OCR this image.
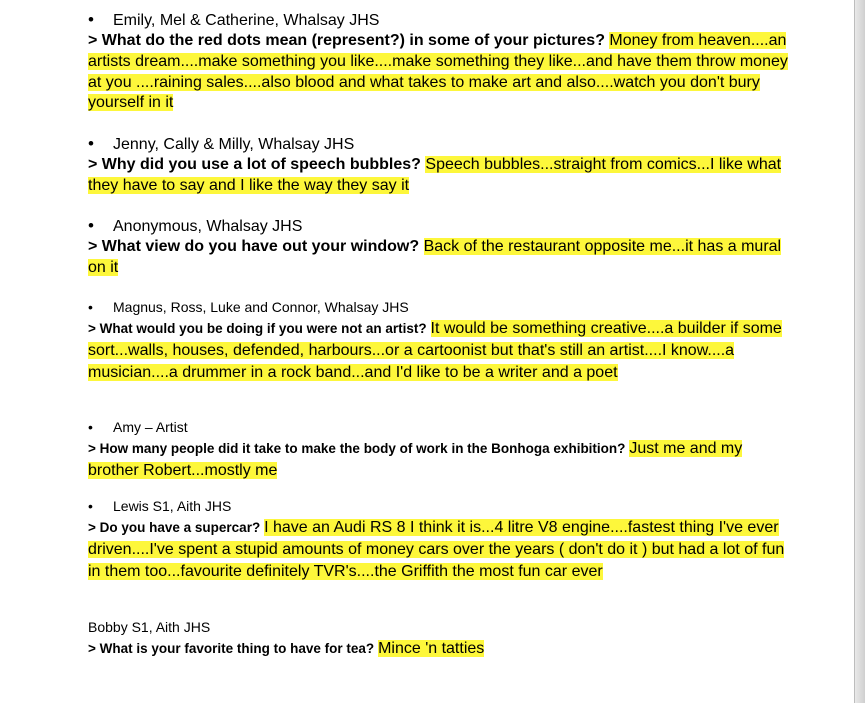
• Emily, Mel & Catherine, Whalsay JHS

> What do the red dots mean (represent?) in some of your pictures? Money from heaven....an artists dream....make something you like....make something they like...and have them throw money at you ....raining sales....also blood and what takes to make art and also....watch you don't bury yourself in it

• Jenny, Cally & Milly, Whalsay JHS

> Why did you use a lot of speech bubbles? Speech bubbles...straight from comics...I like what they have to say and I like the way they say it

• Anonymous, Whalsay JHS

> What view do you have out your window? Back of the restaurant opposite me...it has a mural on it

• Magnus, Ross, Luke and Connor, Whalsay JHS

> What would you be doing if you were not an artist? It would be something creative....a builder if some sort...walls, houses, defended, harbours...or a cartoonist but that's still an artist....I know....a musician....a drummer in a rock band...and I'd like to be a writer and a poet

• Amy – Artist

> How many people did it take to make the body of work in the Bonhoga exhibition? Just me and my brother Robert...mostly me

• Lewis S1, Aith JHS

> Do you have a supercar? I have an Audi RS 8 I think it is...4 litre V8 engine....fastest thing I've ever driven....I've spent a stupid amounts of money cars over the years ( don't do it ) but had a lot of fun in them too...favourite definitely TVR's....the Griffith the most fun car ever

Bobby S1, Aith JHS

> What is your favorite thing to have for tea? Mince 'n tatties
